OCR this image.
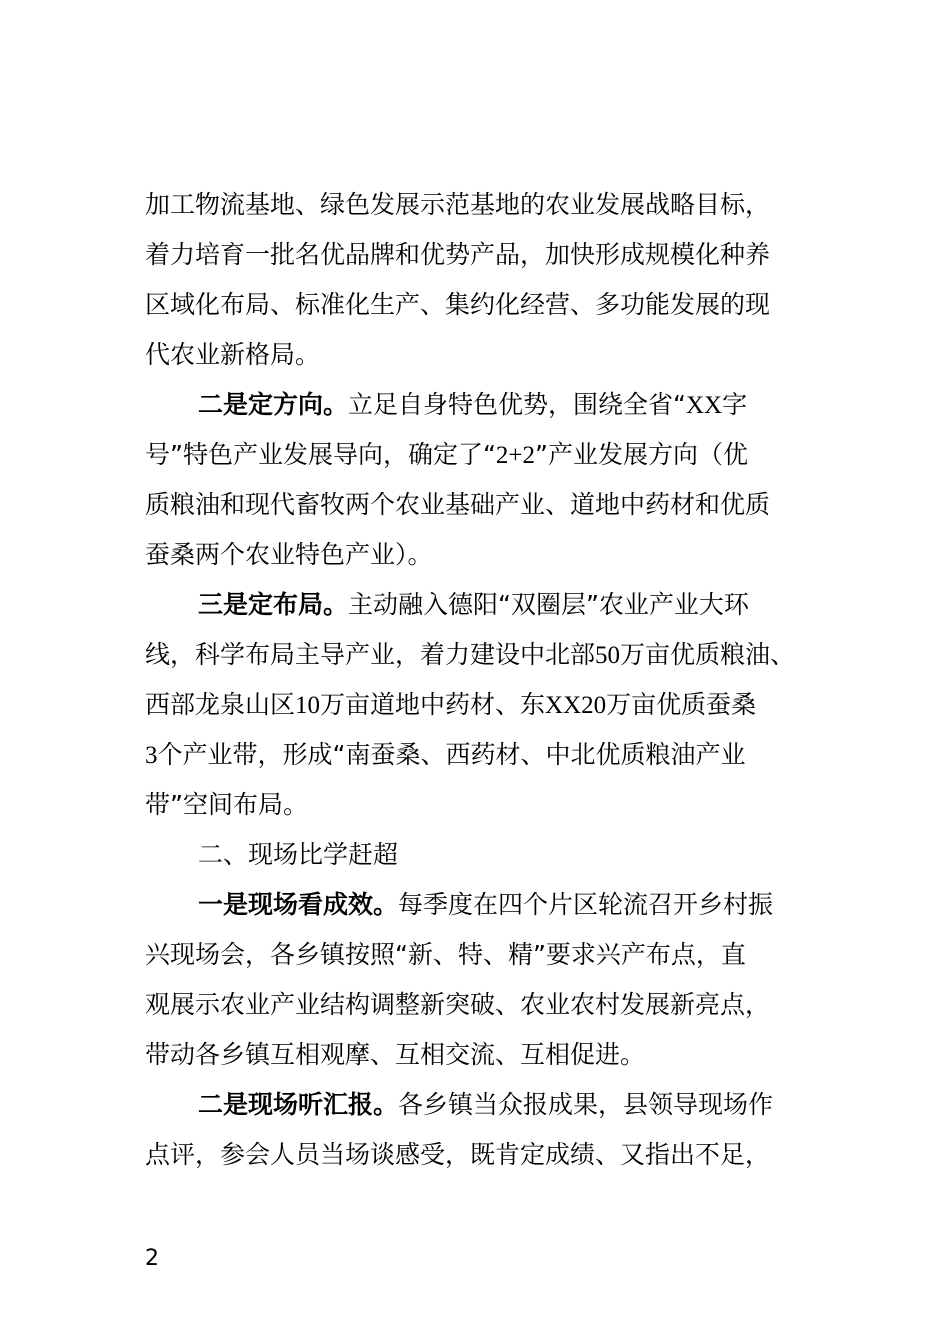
加工物流基地、绿色发展示范基地的农业发展战略目标，
着力培育一批名优品牌和优势产品，加快形成规模化种养
区域化布局、标准化生产、集约化经营、多功能发展的现
代农业新格局。
二是定方向。立足自身特色优势，围绕全省“XX字
号”特色产业发展导向，确定了“2+2”产业发展方向（优
质粮油和现代畜牧两个农业基础产业、道地中药材和优质
蚕桑两个农业特色产业）。
三是定布局。主动融入德阳“双圈层”农业产业大环
线，科学布局主导产业，着力建设中北部50万亩优质粮油、
西部龙泉山区10万亩道地中药材、东XX20万亩优质蚕桑
3个产业带，形成“南蚕桑、西药材、中北优质粮油产业
带”空间布局。
二、现场比学赶超
一是现场看成效。每季度在四个片区轮流召开乡村振
兴现场会，各乡镇按照“新、特、精”要求兴产布点，直
观展示农业产业结构调整新突破、农业农村发展新亮点，
带动各乡镇互相观摩、互相交流、互相促进。
二是现场听汇报。各乡镇当众报成果，县领导现场作
点评，参会人员当场谈感受，既肯定成绩、又指出不足，
2
